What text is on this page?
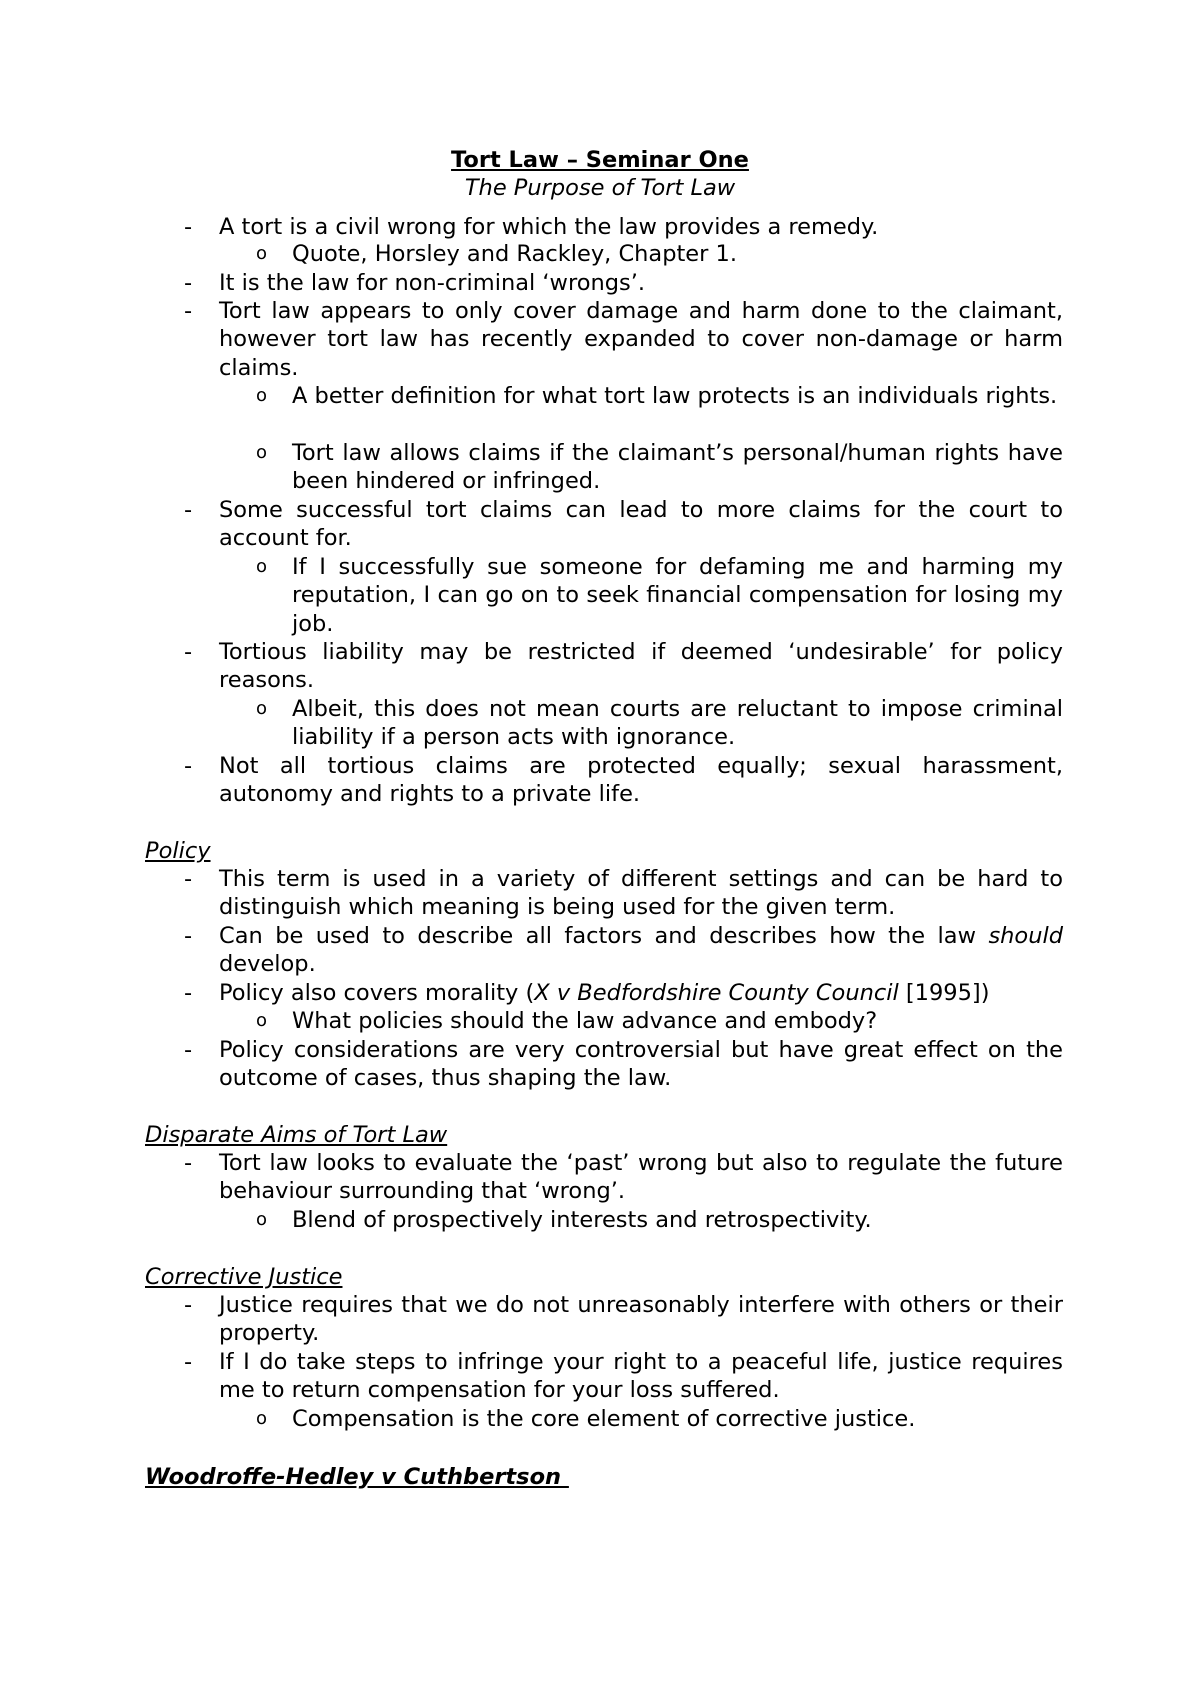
Tort Law – Seminar One
The Purpose of Tort Law
- A tort is a civil wrong for which the law provides a remedy.
o Quote, Horsley and Rackley, Chapter 1.
- It is the law for non-criminal ‘wrongs’.
- Tort law appears to only cover damage and harm done to the claimant, however tort law has recently expanded to cover non-damage or harm claims.
o A better definition for what tort law protects is an individuals rights.
o Tort law allows claims if the claimant’s personal/human rights have been hindered or infringed.
- Some successful tort claims can lead to more claims for the court to account for.
o If I successfully sue someone for defaming me and harming my reputation, I can go on to seek financial compensation for losing my job.
- Tortious liability may be restricted if deemed ‘undesirable’ for policy reasons.
o Albeit, this does not mean courts are reluctant to impose criminal liability if a person acts with ignorance.
- Not all tortious claims are protected equally; sexual harassment, autonomy and rights to a private life.
Policy
- This term is used in a variety of different settings and can be hard to distinguish which meaning is being used for the given term.
- Can be used to describe all factors and describes how the law should develop.
- Policy also covers morality (X v Bedfordshire County Council [1995])
o What policies should the law advance and embody?
- Policy considerations are very controversial but have great effect on the outcome of cases, thus shaping the law.
Disparate Aims of Tort Law
- Tort law looks to evaluate the ‘past’ wrong but also to regulate the future behaviour surrounding that ‘wrong’.
o Blend of prospectively interests and retrospectivity.
Corrective Justice
- Justice requires that we do not unreasonably interfere with others or their property.
- If I do take steps to infringe your right to a peaceful life, justice requires me to return compensation for your loss suffered.
o Compensation is the core element of corrective justice.
Woodroffe-Hedley v Cuthbertson
